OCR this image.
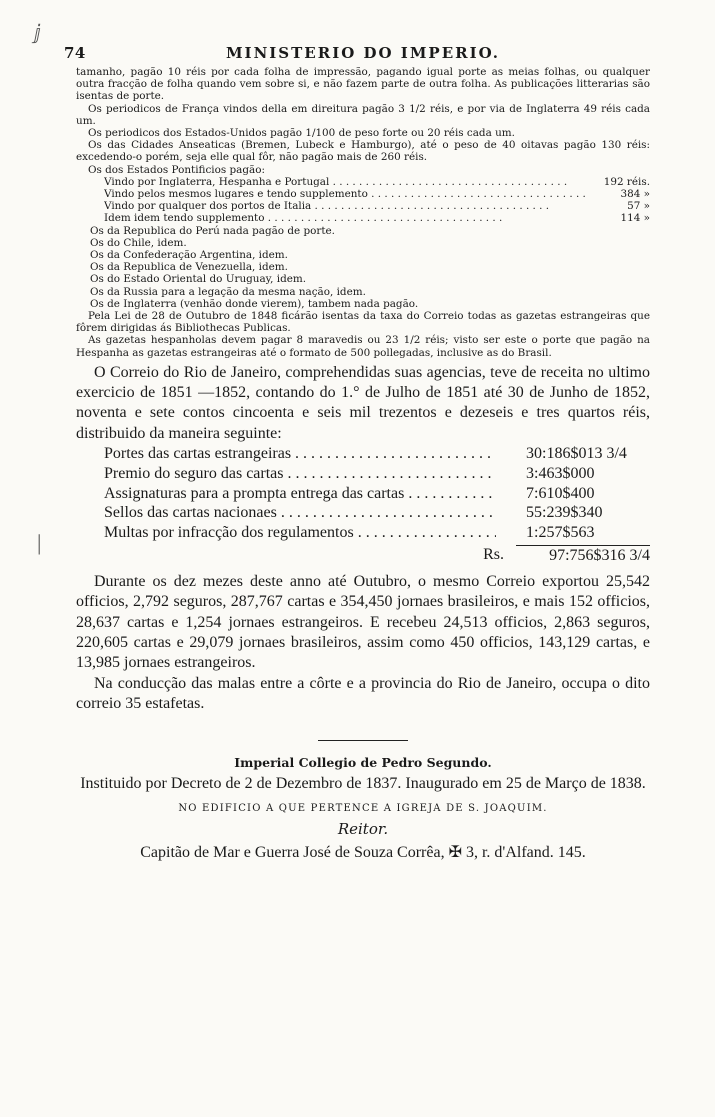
ⅉ
|
74	MINISTERIO DO IMPERIO.

tamanho, pagão 10 réis por cada folha de impressão, pagando igual porte as meias folhas, ou qualquer outra fracção de folha quando vem sobre si, e não fazem parte de outra folha. As publicações litterarias são isentas de porte.

Os periodicos de França vindos della em direitura pagão 3 1/2 réis, e por via de Inglaterra 49 réis cada um.

Os periodicos dos Estados-Unidos pagão 1/100 de peso forte ou 20 réis cada um.

Os das Cidades Anseaticas (Bremen, Lubeck e Hamburgo), até o peso de 40 oitavas pagão 130 réis: excedendo-o porém, seja elle qual fôr, não pagão mais de 260 réis.

Os dos Estados Pontificios pagão:

Vindo por Inglaterra, Hespanha e Portugal . . .	192 réis.
Vindo pelos mesmos lugares e tendo supplemento . . .	384 »
Vindo por qualquer dos portos de Italia . . .	57 »
Idem idem tendo supplemento . . .	114 »

Os da Republica do Perú nada pagão de porte.

Os do Chile, idem.

Os da Confederação Argentina, idem.

Os da Republica de Venezuella, idem.

Os do Estado Oriental do Uruguay, idem.

Os da Russia para a legação da mesma nação, idem.

Os de Inglaterra (venhão donde vierem), tambem nada pagão.

Pela Lei de 28 de Outubro de 1848 ficárão isentas da taxa do Correio todas as gazetas estrangeiras que fôrem dirigidas ás Bibliothecas Publicas.

As gazetas hespanholas devem pagar 8 maravedis ou 23 1/2 réis; visto ser este o porte que pagão na Hespanha as gazetas estrangeiras até o formato de 500 pollegadas, inclusive as do Brasil.

O Correio do Rio de Janeiro, comprehendidas suas agencias, teve de receita no ultimo exercicio de 1851 —1852, contando do 1.° de Julho de 1851 até 30 de Junho de 1852, noventa e sete contos cincoenta e seis mil trezentos e dezeseis e tres quartos réis, distribuido da maneira seguinte:

Portes das cartas estrangeiras . . .	30:186$013 3/4
Premio do seguro das cartas . . .	3:463$000
Assignaturas para a prompta entrega das cartas . . .	7:610$400
Sellos das cartas nacionaes . . .	55:239$340
Multas por infracção dos regulamentos . . .	1:257$563
Rs.	97:756$316 3/4

Durante os dez mezes deste anno até Outubro, o mesmo Correio exportou 25,542 officios, 2,792 seguros, 287,767 cartas e 354,450 jornaes brasileiros, e mais 152 officios, 28,637 cartas e 1,254 jornaes estrangeiros. E recebeu 24,513 officios, 2,863 seguros, 220,605 cartas e 29,079 jornaes brasileiros, assim como 450 officios, 143,129 cartas, e 13,985 jornaes estrangeiros.

Na conducção das malas entre a côrte e a provincia do Rio de Janeiro, occupa o dito correio 35 estafetas.

Imperial Collegio de Pedro Segundo.
Instituido por Decreto de 2 de Dezembro de 1837. Inaugurado em 25 de Março de 1838.
NO EDIFICIO A QUE PERTENCE A IGREJA DE S. JOAQUIM.
Reitor.
Capitão de Mar e Guerra José de Souza Corrêa, ✠ 3, r. d'Alfand. 145.
